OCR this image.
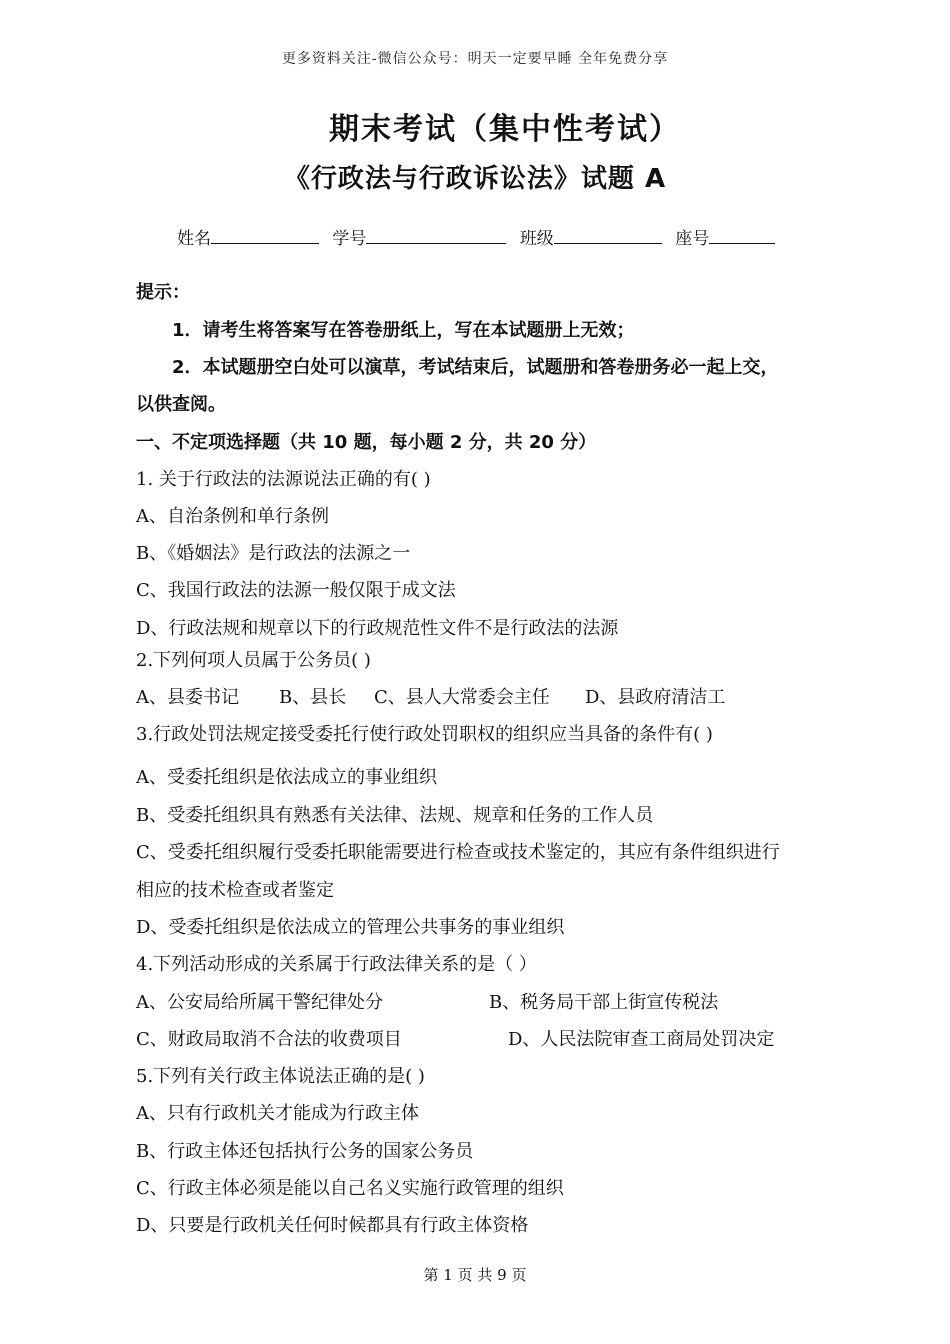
更多资料关注-微信公众号：明天一定要早睡 全年免费分享
期末考试（集中性考试）
《行政法与行政诉讼法》试题 A
姓名	学号	班级	座号
提示：
1．请考生将答案写在答卷册纸上，写在本试题册上无效；
2．本试题册空白处可以演草，考试结束后，试题册和答卷册务必一起上交，
以供查阅。
一、不定项选择题（共 10 题，每小题 2 分，共 20 分）
1. 关于行政法的法源说法正确的有( )
A、自治条例和单行条例
B、《婚姻法》是行政法的法源之一
C、我国行政法的法源一般仅限于成文法
D、行政法规和规章以下的行政规范性文件不是行政法的法源
2.下列何项人员属于公务员( )
A、县委书记 B、县长 C、县人大常委会主任 D、县政府清洁工
3.行政处罚法规定接受委托行使行政处罚职权的组织应当具备的条件有( )
A、受委托组织是依法成立的事业组织
B、受委托组织具有熟悉有关法律、法规、规章和任务的工作人员
C、受委托组织履行受委托职能需要进行检查或技术鉴定的，其应有条件组织进行
相应的技术检查或者鉴定
D、受委托组织是依法成立的管理公共事务的事业组织
4.下列活动形成的关系属于行政法律关系的是（ ）
A、公安局给所属干警纪律处分	B、税务局干部上街宣传税法
C、财政局取消不合法的收费项目	D、人民法院审查工商局处罚决定
5.下列有关行政主体说法正确的是( )
A、只有行政机关才能成为行政主体
B、行政主体还包括执行公务的国家公务员
C、行政主体必须是能以自己名义实施行政管理的组织
D、只要是行政机关任何时候都具有行政主体资格
第 1 页 共 9 页
